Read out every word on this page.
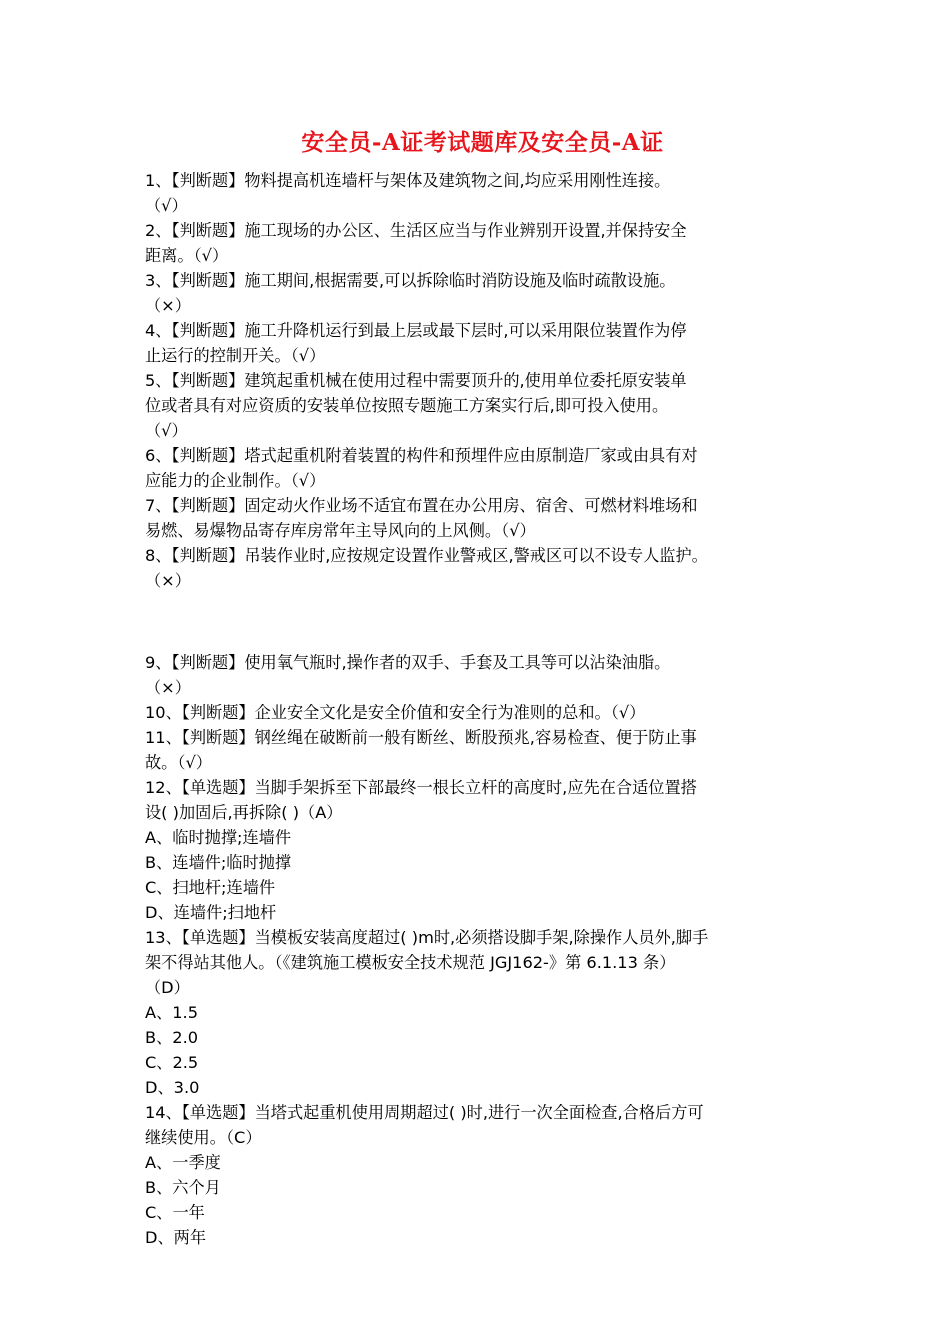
安全员-A证考试题库及安全员-A证

1、【判断题】物料提高机连墙杆与架体及建筑物之间,均应采用刚性连接。

（√）

2、【判断题】施工现场的办公区、生活区应当与作业辨别开设置,并保持安全

距离。（√）

3、【判断题】施工期间,根据需要,可以拆除临时消防设施及临时疏散设施。

（×）

4、【判断题】施工升降机运行到最上层或最下层时,可以采用限位装置作为停

止运行的控制开关。（√）

5、【判断题】建筑起重机械在使用过程中需要顶升的,使用单位委托原安装单

位或者具有对应资质的安装单位按照专题施工方案实行后,即可投入使用。

（√）

6、【判断题】塔式起重机附着装置的构件和预埋件应由原制造厂家或由具有对

应能力的企业制作。（√）

7、【判断题】固定动火作业场不适宜布置在办公用房、宿舍、可燃材料堆场和

易燃、易爆物品寄存库房常年主导风向的上风侧。（√）

8、【判断题】吊装作业时,应按规定设置作业警戒区,警戒区可以不设专人监护。

（×）

9、【判断题】使用氧气瓶时,操作者的双手、手套及工具等可以沾染油脂。

（×）

10、【判断题】企业安全文化是安全价值和安全行为准则的总和。（√）

11、【判断题】钢丝绳在破断前一般有断丝、断股预兆,容易检查、便于防止事

故。（√）

12、【单选题】当脚手架拆至下部最终一根长立杆的高度时,应先在合适位置搭

设( )加固后,再拆除( )（A）

A、临时抛撑;连墙件

B、连墙件;临时抛撑

C、扫地杆;连墙件

D、连墙件;扫地杆

13、【单选题】当模板安装高度超过( )m时,必须搭设脚手架,除操作人员外,脚手

架不得站其他人。（《建筑施工模板安全技术规范 JGJ162-》第 6.1.13 条）

（D）

A、1.5

B、2.0

C、2.5

D、3.0

14、【单选题】当塔式起重机使用周期超过( )时,进行一次全面检查,合格后方可

继续使用。（C）

A、一季度

B、六个月

C、一年

D、两年
